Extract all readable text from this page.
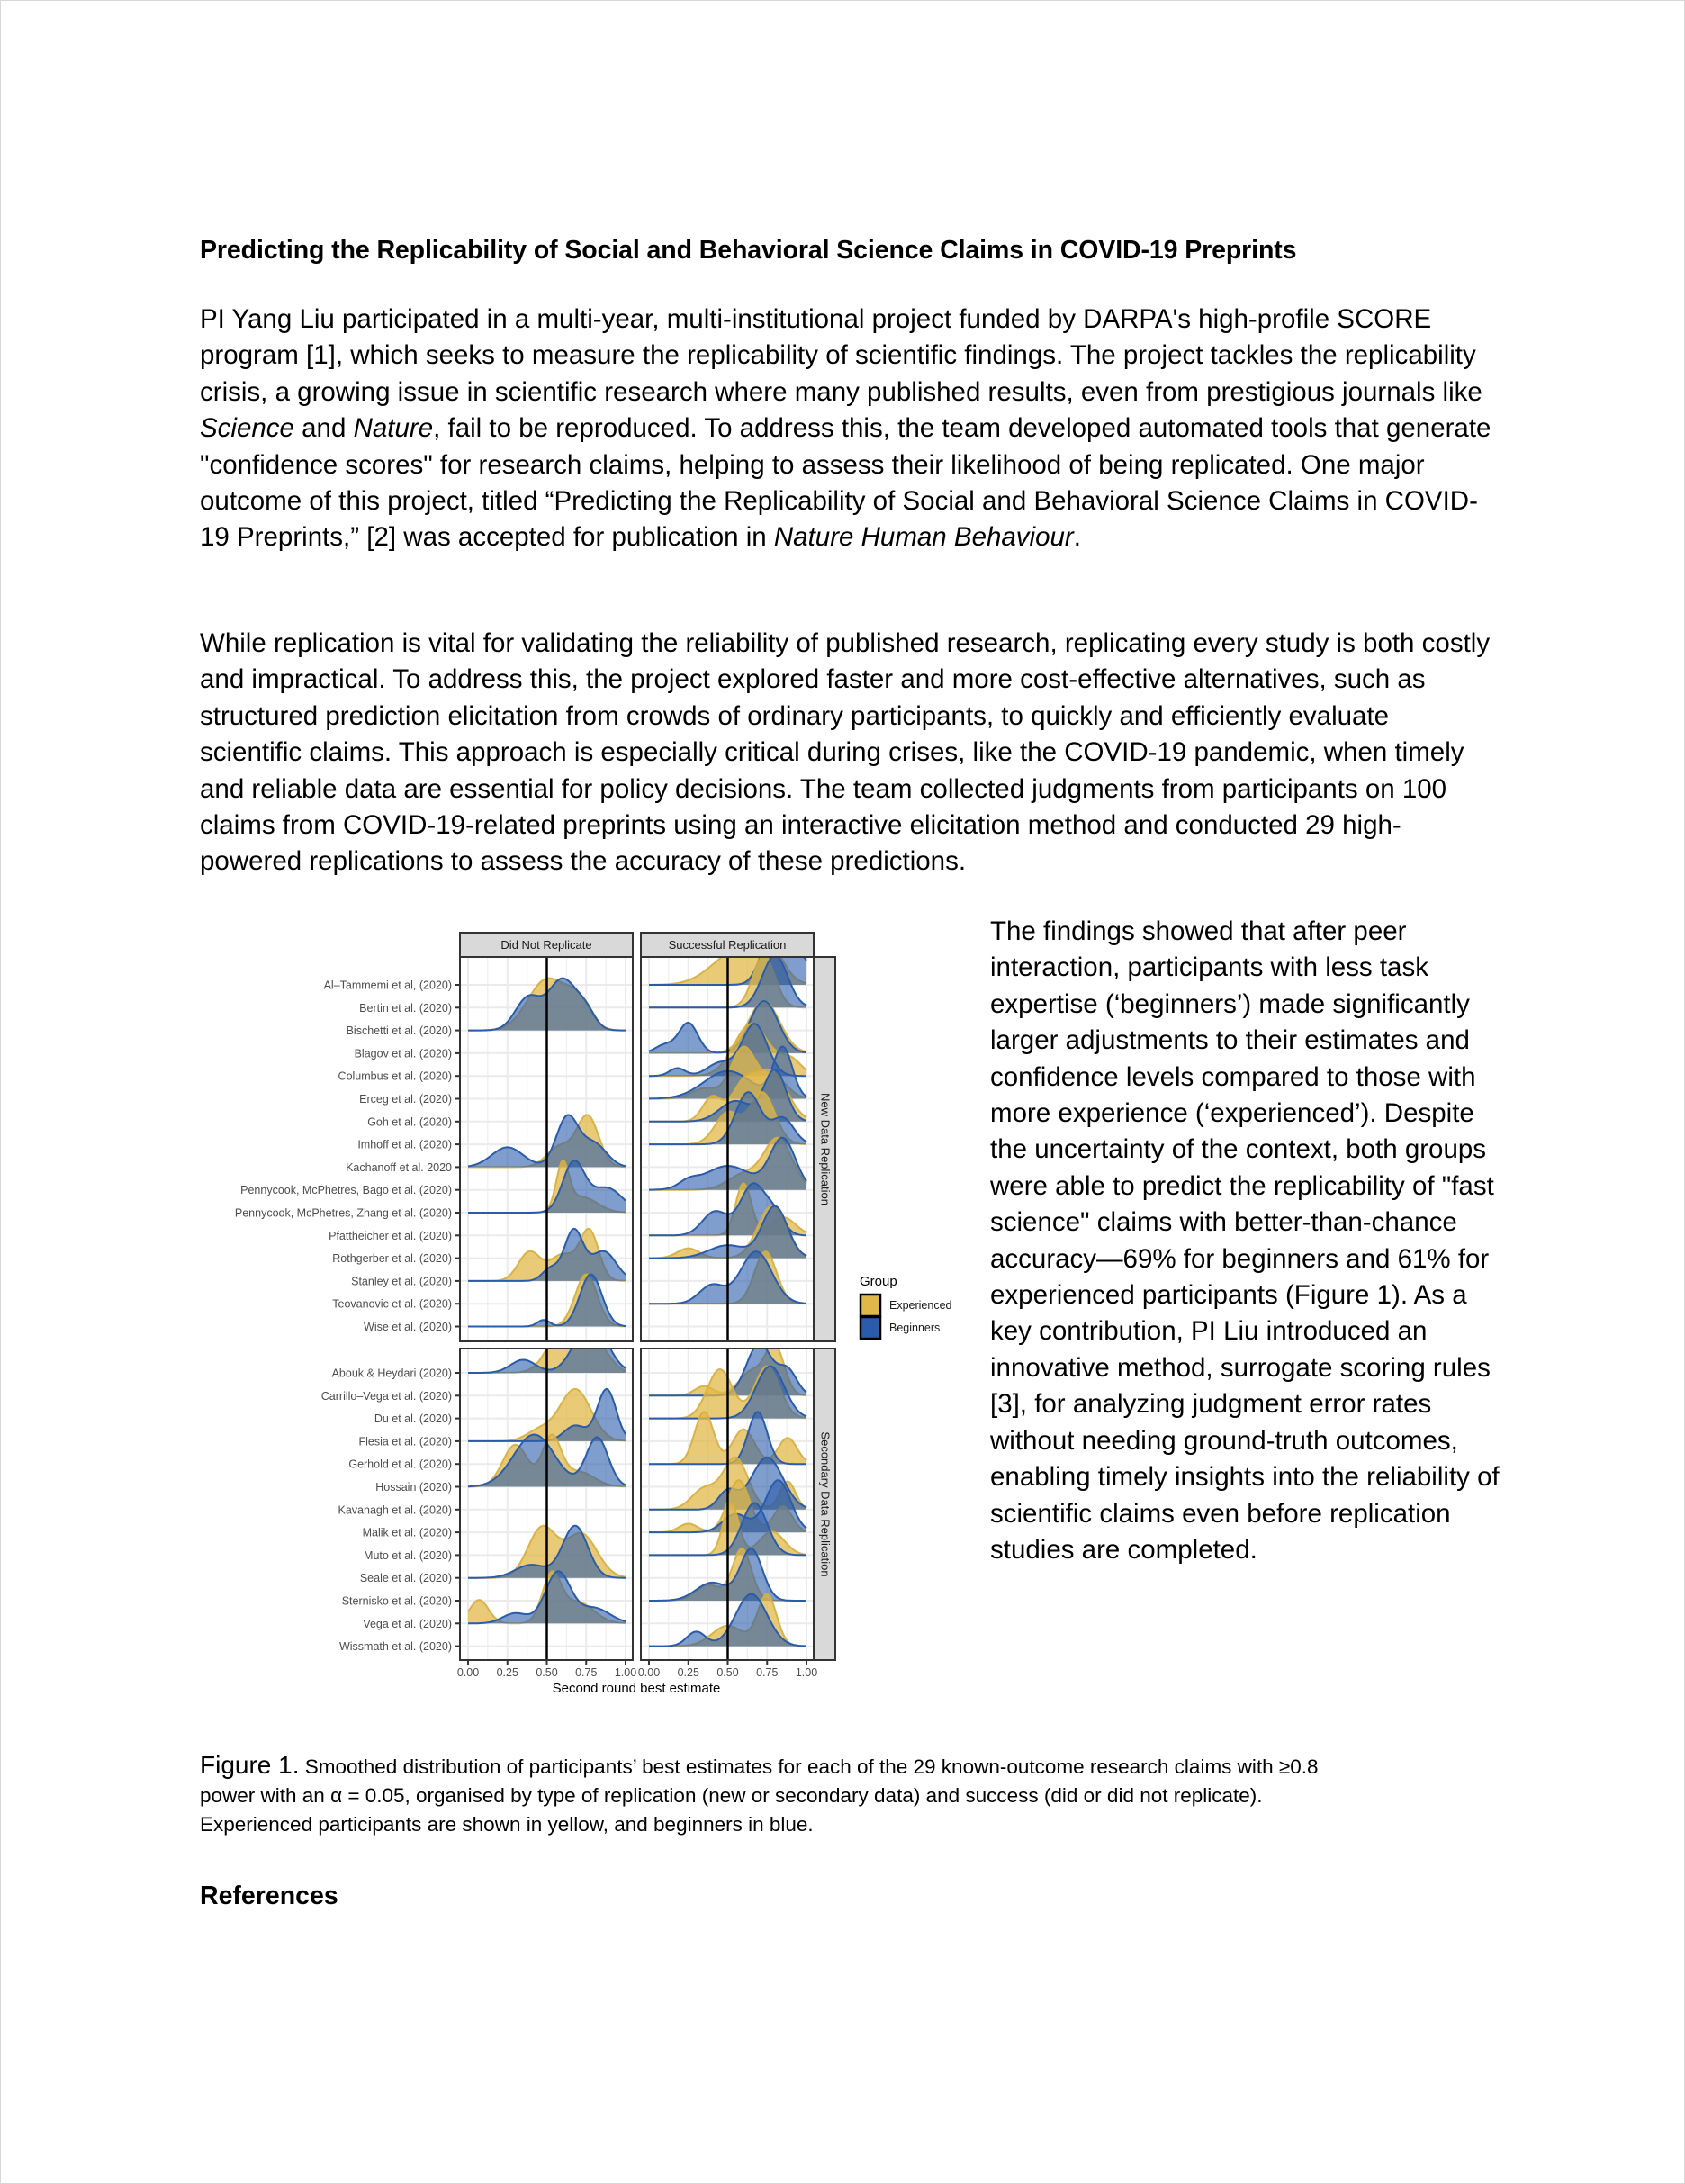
Predicting the Replicability of Social and Behavioral Science Claims in COVID-19 Preprints

PI Yang Liu participated in a multi-year, multi-institutional project funded by DARPA's high-profile SCORE program [1], which seeks to measure the replicability of scientific findings. The project tackles the replicability crisis, a growing issue in scientific research where many published results, even from prestigious journals like Science and Nature, fail to be reproduced. To address this, the team developed automated tools that generate "confidence scores" for research claims, helping to assess their likelihood of being replicated. One major outcome of this project, titled “Predicting the Replicability of Social and Behavioral Science Claims in COVID-19 Preprints,” [2] was accepted for publication in Nature Human Behaviour.

While replication is vital for validating the reliability of published research, replicating every study is both costly and impractical. To address this, the project explored faster and more cost-effective alternatives, such as structured prediction elicitation from crowds of ordinary participants, to quickly and efficiently evaluate scientific claims. This approach is especially critical during crises, like the COVID-19 pandemic, when timely and reliable data are essential for policy decisions. The team collected judgments from participants on 100 claims from COVID-19-related preprints using an interactive elicitation method and conducted 29 high-powered replications to assess the accuracy of these predictions.

New Data Replication
Secondary Data Replication
Did Not Replicate	Successful Replication
Al–Tammemi et al, (2020)
Bertin et al. (2020)
Bischetti et al. (2020)
Blagov et al. (2020)
Columbus et al. (2020)
Erceg et al. (2020)
Goh et al. (2020)
Imhoff et al. (2020)
Kachanoff et al. 2020
Pennycook, McPhetres, Bago et al. (2020)
Pennycook, McPhetres, Zhang et al. (2020)
Pfattheicher et al. (2020)
Rothgerber et al. (2020)
Stanley et al. (2020)
Teovanovic et al. (2020)
Wise et al. (2020)
Abouk & Heydari (2020)
Carrillo–Vega et al. (2020)
Du et al. (2020)
Flesia et al. (2020)
Gerhold et al. (2020)
Hossain (2020)
Kavanagh et al. (2020)
Malik et al. (2020)
Muto et al. (2020)
Seale et al. (2020)
Sternisko et al. (2020)
Vega et al. (2020)
Wissmath et al. (2020)
0.00 0.25 0.50 0.75 1.00 0.00 0.25 0.50 0.75 1.00
Second round best estimate
Group
Experienced
Beginners

The findings showed that after peer interaction, participants with less task expertise (‘beginners’) made significantly larger adjustments to their estimates and confidence levels compared to those with more experience (‘experienced’). Despite the uncertainty of the context, both groups were able to predict the replicability of "fast science" claims with better-than-chance accuracy—69% for beginners and 61% for experienced participants (Figure 1). As a key contribution, PI Liu introduced an innovative method, surrogate scoring rules [3], for analyzing judgment error rates without needing ground-truth outcomes, enabling timely insights into the reliability of scientific claims even before replication studies are completed.

Figure 1. Smoothed distribution of participants’ best estimates for each of the 29 known-outcome research claims with ≥0.8 power with an α = 0.05, organised by type of replication (new or secondary data) and success (did or did not replicate). Experienced participants are shown in yellow, and beginners in blue.
References
